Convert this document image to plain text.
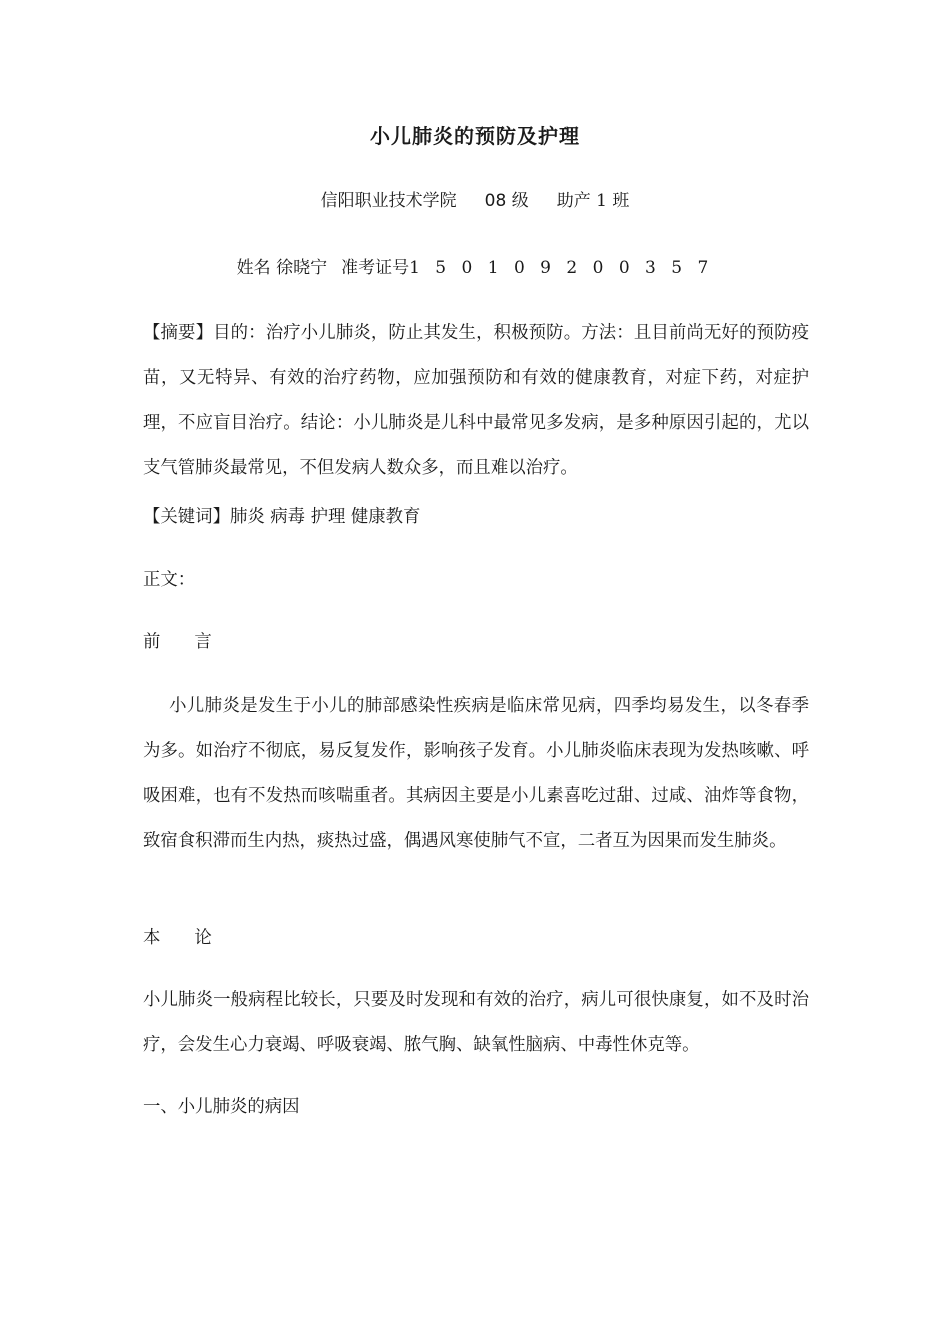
小儿肺炎的预防及护理
信阳职业技术学院 08 级 助产 1 班
姓名 徐晓宁 准考证号1 5 0 1 0 9 2 0 0 3 5 7
【摘要】目的：治疗小儿肺炎，防止其发生，积极预防。方法：且目前尚无好的预防疫苗，又无特异、有效的治疗药物，应加强预防和有效的健康教育，对症下药，对症护理，不应盲目治疗。结论：小儿肺炎是儿科中最常见多发病，是多种原因引起的，尤以支气管肺炎最常见，不但发病人数众多，而且难以治疗。
【关键词】肺炎 病毒 护理 健康教育
正文：
前 言
小儿肺炎是发生于小儿的肺部感染性疾病是临床常见病，四季均易发生，以冬春季为多。如治疗不彻底，易反复发作，影响孩子发育。小儿肺炎临床表现为发热咳嗽、呼吸困难，也有不发热而咳喘重者。其病因主要是小儿素喜吃过甜、过咸、油炸等食物，致宿食积滞而生内热，痰热过盛，偶遇风寒使肺气不宣，二者互为因果而发生肺炎。
本 论
小儿肺炎一般病程比较长，只要及时发现和有效的治疗，病儿可很快康复，如不及时治疗，会发生心力衰竭、呼吸衰竭、脓气胸、缺氧性脑病、中毒性休克等。
一、小儿肺炎的病因
